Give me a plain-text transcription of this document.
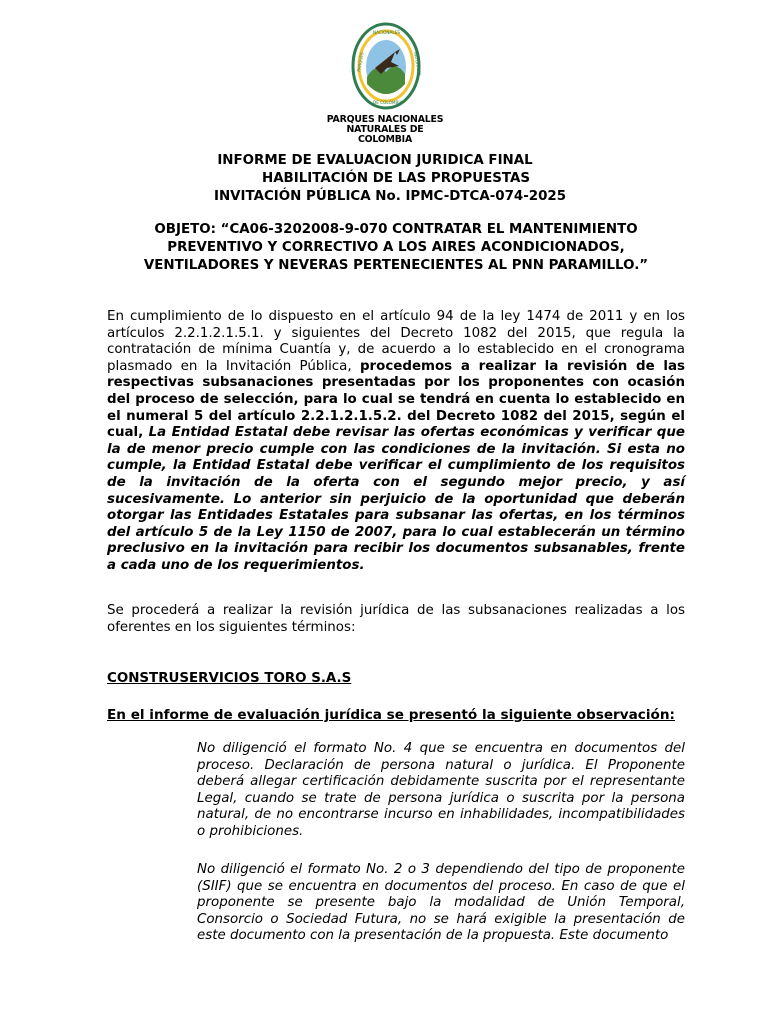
PARQUES
NACIONALES
NATURALES
DE COLOMBIA
PARQUES NACIONALES
NATURALES DE COLOMBIA
INFORME DE EVALUACION JURIDICA FINAL
HABILITACIÓN DE LAS PROPUESTAS
INVITACIÓN PÚBLICA No. IPMC-DTCA-074-2025
OBJETO: “CA06-3202008-9-070 CONTRATAR EL MANTENIMIENTO
PREVENTIVO Y CORRECTIVO A LOS AIRES ACONDICIONADOS,
VENTILADORES Y NEVERAS PERTENECIENTES AL PNN PARAMILLO.”
En cumplimiento de lo dispuesto en el artículo 94 de la ley 1474 de 2011 y en los artículos 2.2.1.2.1.5.1. y siguientes del Decreto 1082 del 2015, que regula la contratación de mínima Cuantía y, de acuerdo a lo establecido en el cronograma plasmado en la Invitación Pública, procedemos a realizar la revisión de las respectivas subsanaciones presentadas por los proponentes con ocasión del proceso de selección, para lo cual se tendrá en cuenta lo establecido en el numeral 5 del artículo 2.2.1.2.1.5.2. del Decreto 1082 del 2015, según el cual, La Entidad Estatal debe revisar las ofertas económicas y verificar que la de menor precio cumple con las condiciones de la invitación. Si esta no cumple, la Entidad Estatal debe verificar el cumplimiento de los requisitos de la invitación de la oferta con el segundo mejor precio, y así sucesivamente. Lo anterior sin perjuicio de la oportunidad que deberán otorgar las Entidades Estatales para subsanar las ofertas, en los términos del artículo 5 de la Ley 1150 de 2007, para lo cual establecerán un término preclusivo en la invitación para recibir los documentos subsanables, frente a cada uno de los requerimientos.
Se procederá a realizar la revisión jurídica de las subsanaciones realizadas a los oferentes en los siguientes términos:
CONSTRUSERVICIOS TORO S.A.S
En el informe de evaluación jurídica se presentó la siguiente observación:
No diligenció el formato No. 4 que se encuentra en documentos del proceso. Declaración de persona natural o jurídica. El Proponente deberá allegar certificación debidamente suscrita por el representante Legal, cuando se trate de persona jurídica o suscrita por la persona natural, de no encontrarse incurso en inhabilidades, incompatibilidades o prohibiciones.
No diligenció el formato No. 2 o 3 dependiendo del tipo de proponente (SIIF) que se encuentra en documentos del proceso. En caso de que el proponente se presente bajo la modalidad de Unión Temporal, Consorcio o Sociedad Futura, no se hará exigible la presentación de este documento con la presentación de la propuesta. Este documento
